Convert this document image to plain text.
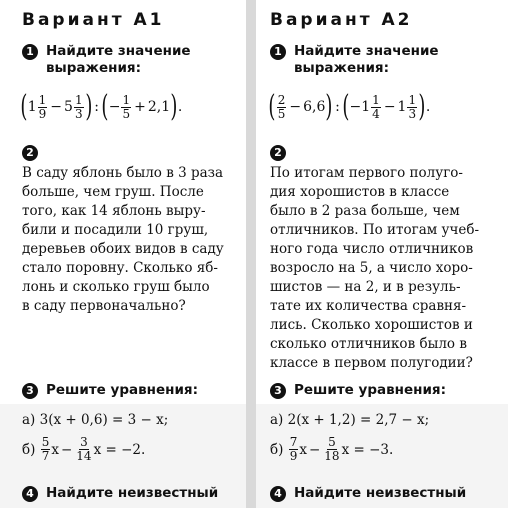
Вариант А1
1 Найдите значение
выражения:
( $1 \frac{1}{9} - 5 \frac{1}{3}$ ) : ( − $\frac{1}{5} + 2,1$ ) .
2
В саду яблонь было в 3 раза
больше, чем груш. После
того, как 14 яблонь выру-
били и посадили 10 груш,
деревьев обоих видов в саду
стало поровну. Сколько яб-
лонь и сколько груш было
в саду первоначально?
3 Решите уравнения:
а) 3(x + 0,6) = 3 − x;
б)
$\frac{5}{7}$ $x - \frac{3}{14}$ x = −2.
4 Найдите неизвестный
Вариант А2
1 Найдите значение
выражения:
( $\frac{2}{5} - 6,6$ ) : ( − $1 \frac{1}{4} - 1 \frac{1}{3}$ ) .
2
По итогам первого полуго-
дия хорошистов в классе
было в 2 раза больше, чем
отличников. По итогам учеб-
ного года число отличников
возросло на 5, а число хоро-
шистов — на 2, и в резуль-
тате их количества сравня-
лись. Сколько хорошистов и
сколько отличников было в
классе в первом полугодии?
3 Решите уравнения:
а) 2(x + 1,2) = 2,7 − x;
б)
$\frac{7}{9}$ $x - \frac{5}{18}$ x = −3.
4 Найдите неизвестный
